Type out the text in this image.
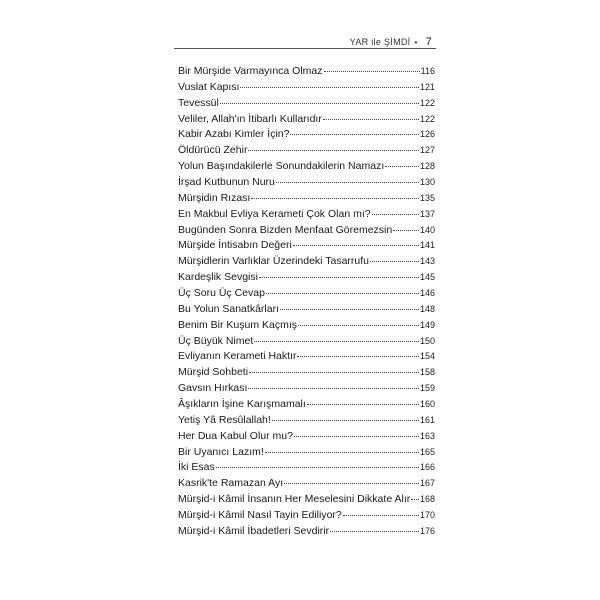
YAR ile ŞİMDİ • 7
Bir Mürşide Varmayınca Olmaz	116
Vuslat Kapısı	121
Tevessül	122
Veliler, Allah'ın İtibarlı Kullarıdır	122
Kabir Azabı Kimler İçin?	126
Öldürücü Zehir	127
Yolun Başındakilerle Sonundakilerin Namazı	128
İrşad Kutbunun Nuru	130
Mürşidin Rızası	135
En Makbul Evliya Kerameti Çok Olan mı?	137
Bugünden Sonra Bizden Menfaat Göremezsin	140
Mürşide İntisabın Değeri	141
Mürşidlerin Varlıklar Üzerindeki Tasarrufu	143
Kardeşlik Sevgisi	145
Üç Soru Üç Cevap	146
Bu Yolun Sanatkârları	148
Benim Bir Kuşum Kaçmış	149
Üç Büyük Nimet	150
Evliyanın Kerameti Haktır	154
Mürşid Sohbeti	158
Gavsın Hırkası	159
Âşıkların İşine Karışmamalı	160
Yetiş Yâ Resûlallah!	161
Her Dua Kabul Olur mu?	163
Bir Uyanıcı Lazım!	165
İki Esas	166
Kasrik'te Ramazan Ayı	167
Mürşid-i Kâmil İnsanın Her Meselesini Dikkate Alır 168
Mürşid-i Kâmil Nasıl Tayin Ediliyor?	170
Mürşid-i Kâmil İbadetleri Sevdirir	176
